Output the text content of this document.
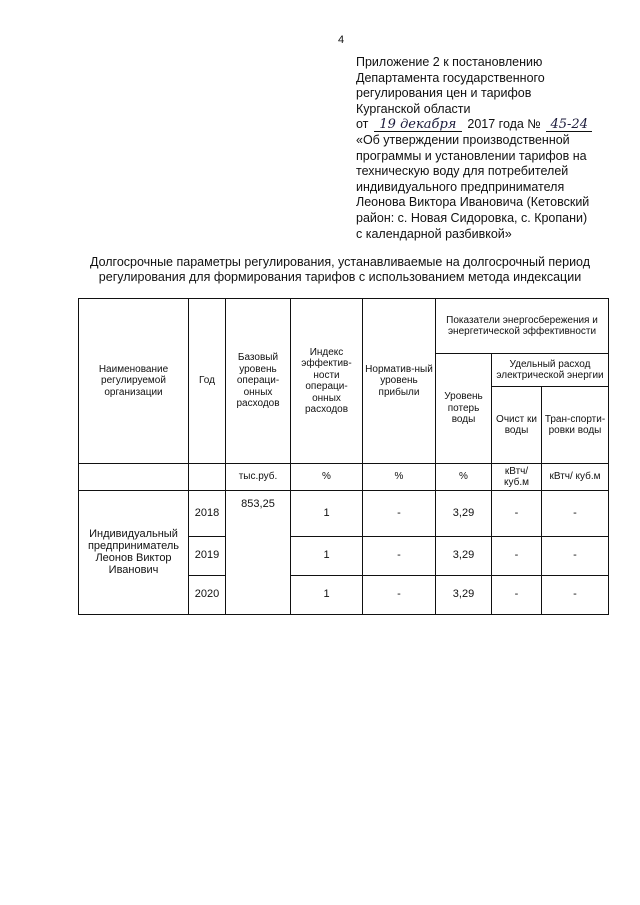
4
Приложение 2 к постановлению
Департамента государственного
регулирования цен и тарифов
Курганской области
от 19 декабря 2017 года № 45-24
«Об утверждении производственной
программы и установлении тарифов на
техническую воду для потребителей
индивидуального предпринимателя
Леонова Виктора Ивановича (Кетовский
район: с. Новая Сидоровка, с. Кропани)
с календарной разбивкой»
Долгосрочные параметры регулирования, устанавливаемые на долгосрочный период
регулирования для формирования тарифов с использованием метода индексации
Наименование регулируемой организации	Год	Базовый уровень операци-онных расходов	Индекс эффектив-ности операци-онных расходов	Норматив-ный уровень прибыли	Показатели энергосбережения и энергетической эффективности		
					Уровень потерь воды	Удельный расход электрической энергии	
						Очист ки воды	Тран-спорти-ровки воды
		тыс.руб.	%	%	%	кВтч/ куб.м	кВтч/ куб.м
Индивидуальный предприниматель Леонов Виктор Иванович	2018	853,25	1	-	3,29	-	-
	2019		1	-	3,29	-	-
	2020		1	-	3,29	-	-
